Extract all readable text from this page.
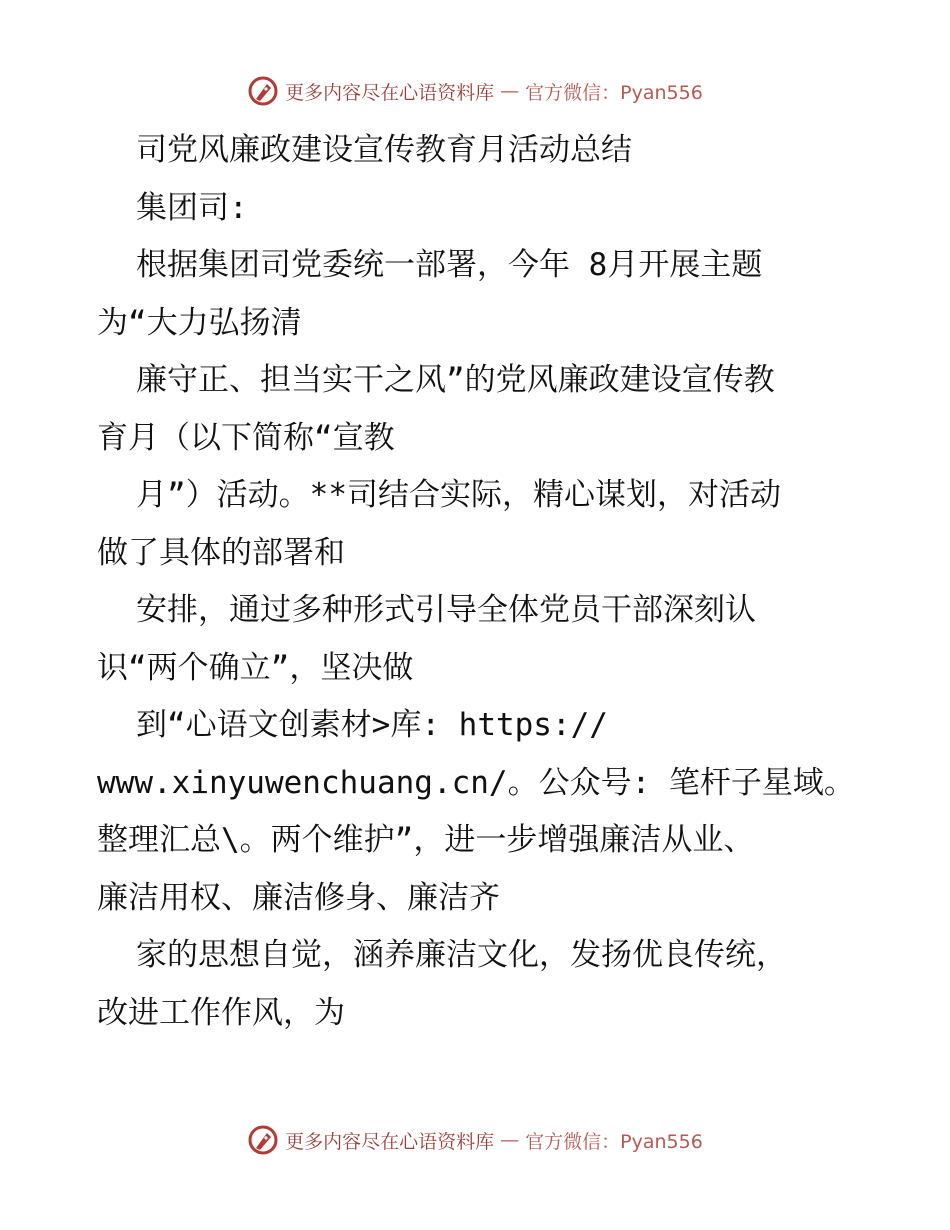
更多内容尽在心语资料库 — 官方微信：Pyan556

司党风廉政建设宣传教育月活动总结

集团司:

根据集团司党委统一部署，今年 8月开展主题

为“大力弘扬清

廉守正、担当实干之风”的党风廉政建设宣传教

育月（以下简称“宣教

月”）活动。**司结合实际，精心谋划，对活动

做了具体的部署和

安排，通过多种形式引导全体党员干部深刻认

识“两个确立”，坚决做

到“心语文创素材>库: https://

www.xinyuwenchuang.cn/。公众号: 笔杆子星域。

整理汇总\。两个维护”，进一步增强廉洁从业、

廉洁用权、廉洁修身、廉洁齐

家的思想自觉，涵养廉洁文化，发扬优良传统，

改进工作作风，为

更多内容尽在心语资料库 — 官方微信：Pyan556
